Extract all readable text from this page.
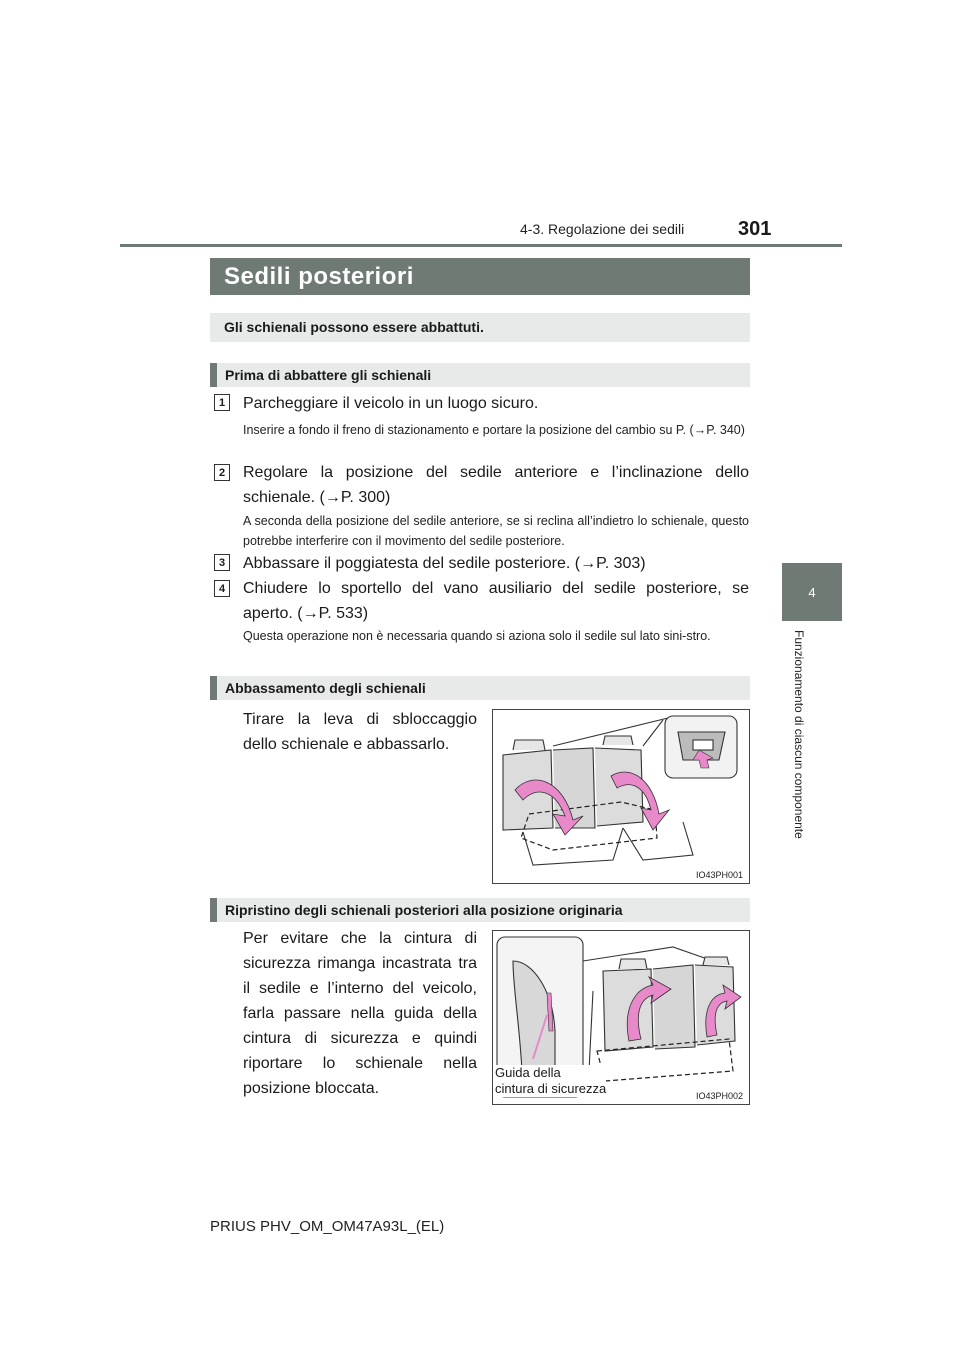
4-3. Regolazione dei sedili	301
4
Funzionamento di ciascun componente
Sedili posteriori
Gli schienali possono essere abbattuti.
Prima di abbattere gli schienali
1	Parcheggiare il veicolo in un luogo sicuro.
Inserire a fondo il freno di stazionamento e portare la posizione del cambio su P. (→P. 340)
2	Regolare la posizione del sedile anteriore e l’inclinazione dello schienale. (→P. 300)
A seconda della posizione del sedile anteriore, se si reclina all’indietro lo schienale, questo potrebbe interferire con il movimento del sedile posteriore.
3	Abbassare il poggiatesta del sedile posteriore. (→P. 303)
4	Chiudere lo sportello del vano ausiliario del sedile posteriore, se aperto. (→P. 533)
Questa operazione non è necessaria quando si aziona solo il sedile sul lato sini-stro.
Abbassamento degli schienali
Tirare la leva di sbloccaggio dello schienale e abbassarlo.
IO43PH001
Ripristino degli schienali posteriori alla posizione originaria
Per evitare che la cintura di sicurezza rimanga incastrata tra il sedile e l’interno del veicolo, farla passare nella guida della cintura di sicurezza e quindi riportare lo schienale nella posizione bloccata.
Guida della
cintura di sicurezza	IO43PH002
PRIUS PHV_OM_OM47A93L_(EL)
